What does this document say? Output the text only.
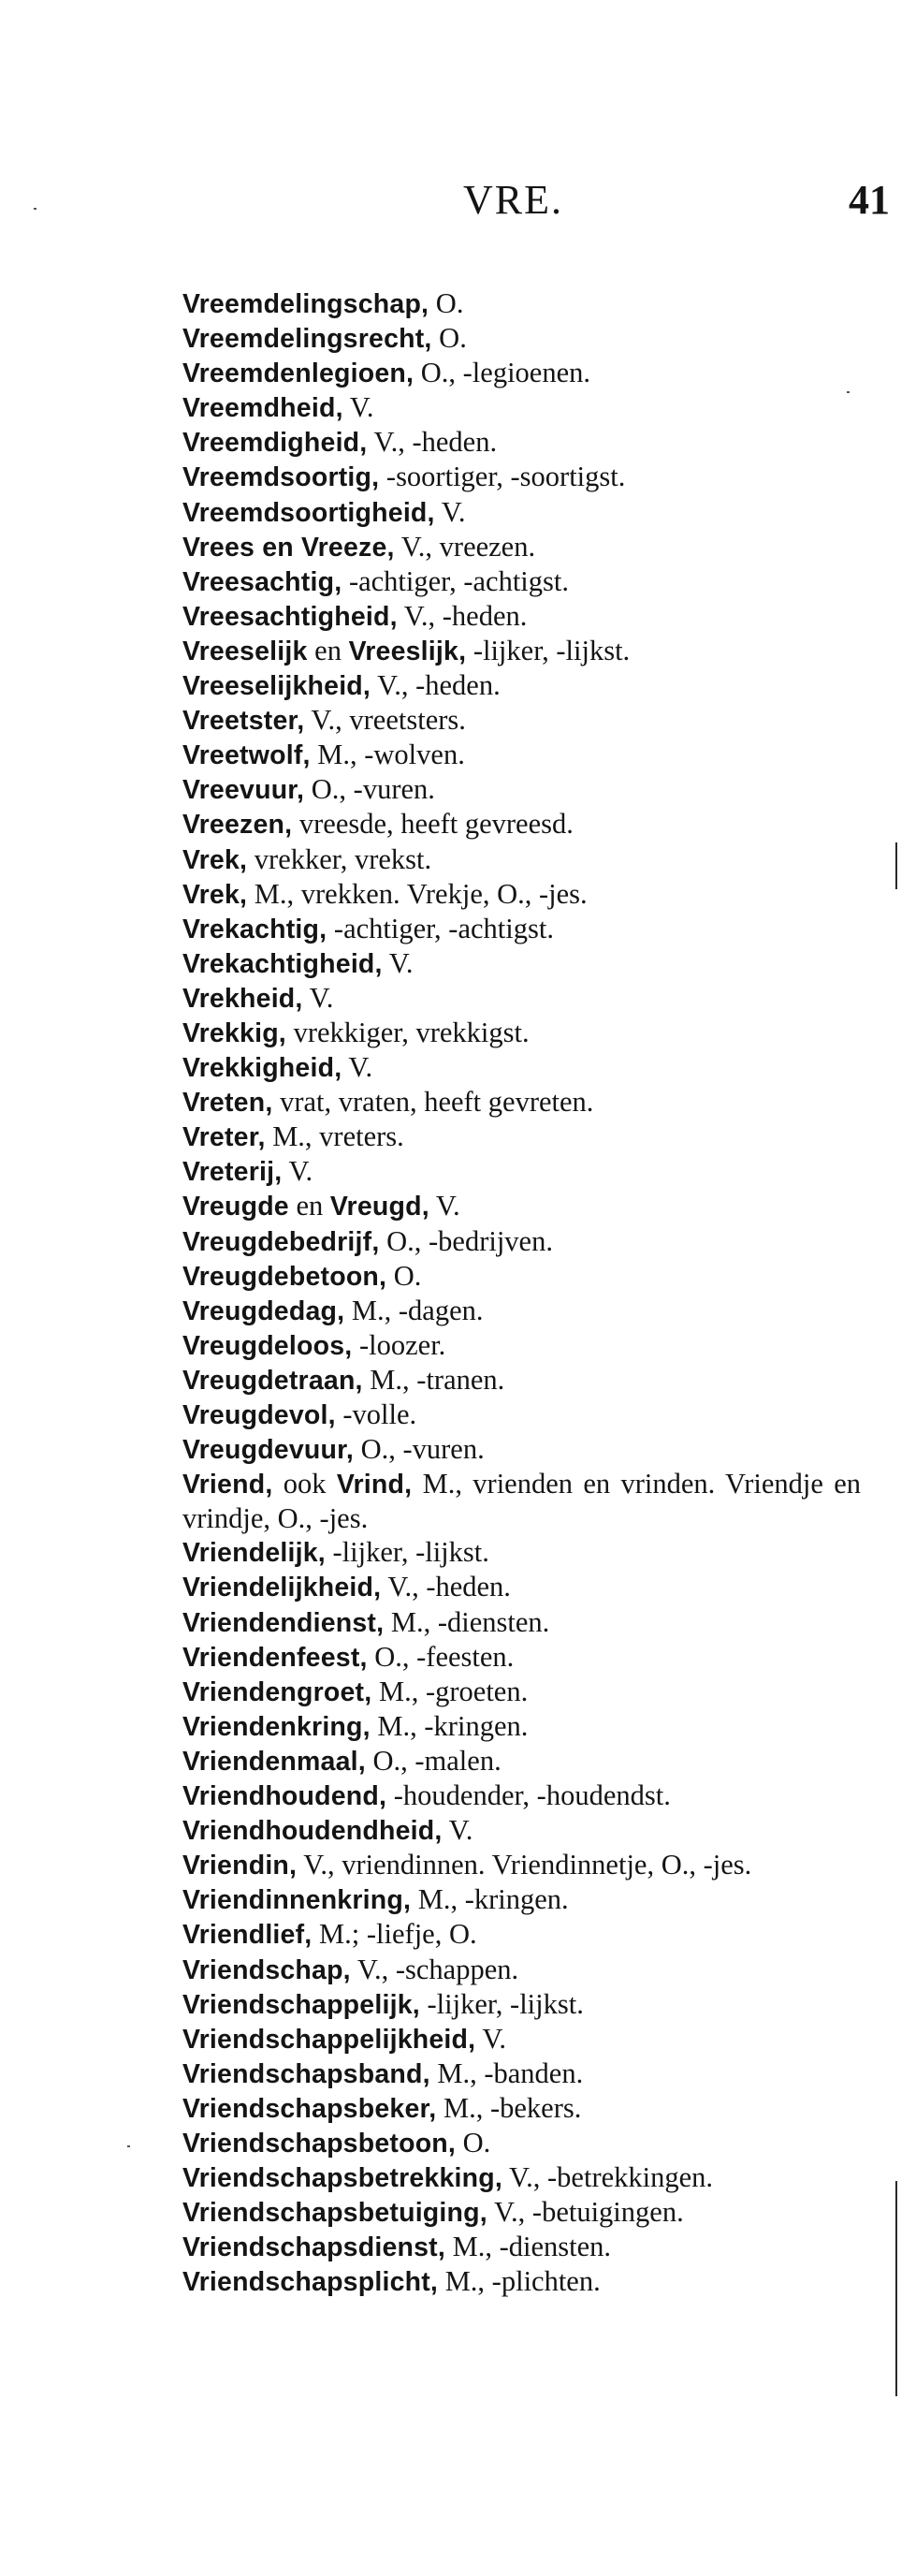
VRE.	41
Vreemdelingschap, O.
Vreemdelingsrecht, O.
Vreemdenlegioen, O., -legioenen.
Vreemdheid, V.
Vreemdigheid, V., -heden.
Vreemdsoortig, -soortiger, -soortigst.
Vreemdsoortigheid, V.
Vrees en Vreeze, V., vreezen.
Vreesachtig, -achtiger, -achtigst.
Vreesachtigheid, V., -heden.
Vreeselijk en Vreeslijk, -lijker, -lijkst.
Vreeselijkheid, V., -heden.
Vreetster, V., vreetsters.
Vreetwolf, M., -wolven.
Vreevuur, O., -vuren.
Vreezen, vreesde, heeft gevreesd.
Vrek, vrekker, vrekst.
Vrek, M., vrekken. Vrekje, O., -jes.
Vrekachtig, -achtiger, -achtigst.
Vrekachtigheid, V.
Vrekheid, V.
Vrekkig, vrekkiger, vrekkigst.
Vrekkigheid, V.
Vreten, vrat, vraten, heeft gevreten.
Vreter, M., vreters.
Vreterij, V.
Vreugde en Vreugd, V.
Vreugdebedrijf, O., -bedrijven.
Vreugdebetoon, O.
Vreugdedag, M., -dagen.
Vreugdeloos, -loozer.
Vreugdetraan, M., -tranen.
Vreugdevol, -volle.
Vreugdevuur, O., -vuren.
Vriend, ook Vrind, M., vrienden en vrinden. Vriendje en vrindje, O., -jes.
Vriendelijk, -lijker, -lijkst.
Vriendelijkheid, V., -heden.
Vriendendienst, M., -diensten.
Vriendenfeest, O., -feesten.
Vriendengroet, M., -groeten.
Vriendenkring, M., -kringen.
Vriendenmaal, O., -malen.
Vriendhoudend, -houdender, -houdendst.
Vriendhoudendheid, V.
Vriendin, V., vriendinnen. Vriendinnetje, O., -jes.
Vriendinnenkring, M., -kringen.
Vriendlief, M.; -liefje, O.
Vriendschap, V., -schappen.
Vriendschappelijk, -lijker, -lijkst.
Vriendschappelijkheid, V.
Vriendschapsband, M., -banden.
Vriendschapsbeker, M., -bekers.
Vriendschapsbetoon, O.
Vriendschapsbetrekking, V., -betrekkingen.
Vriendschapsbetuiging, V., -betuigingen.
Vriendschapsdienst, M., -diensten.
Vriendschapsplicht, M., -plichten.
